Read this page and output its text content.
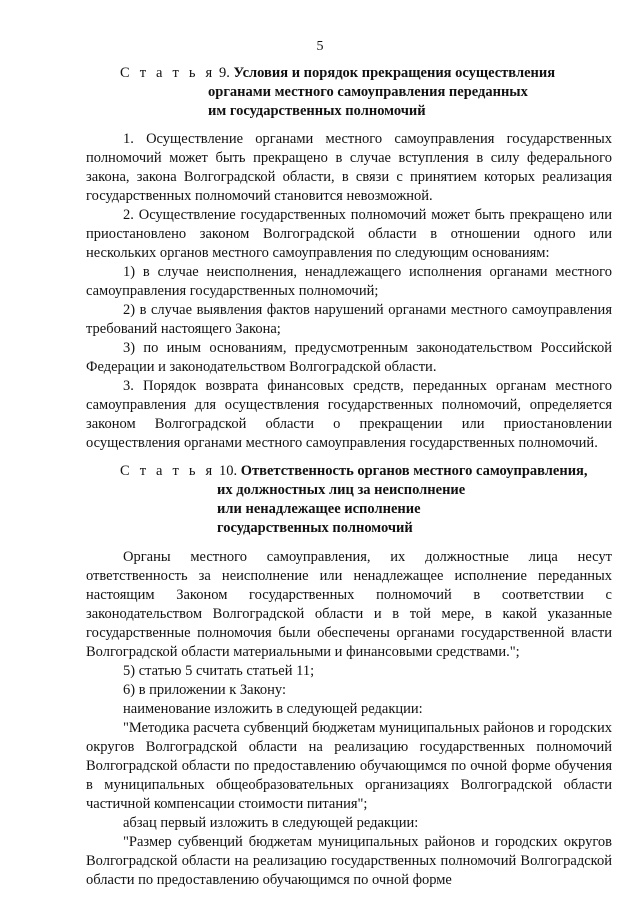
5
С т а т ь я 9. Условия и порядок прекращения осуществления
органами местного самоуправления переданных
им государственных полномочий

1. Осуществление органами местного самоуправления государственных полномочий может быть прекращено в случае вступления в силу федерального закона, закона Волгоградской области, в связи с принятием которых реализация государственных полномочий становится невозможной.

2. Осуществление государственных полномочий может быть прекращено или приостановлено законом Волгоградской области в отношении одного или нескольких органов местного самоуправления по следующим основаниям:

1) в случае неисполнения, ненадлежащего исполнения органами местного самоуправления государственных полномочий;

2) в случае выявления фактов нарушений органами местного самоуправления требований настоящего Закона;

3) по иным основаниям, предусмотренным законодательством Российской Федерации и законодательством Волгоградской области.

3. Порядок возврата финансовых средств, переданных органам местного самоуправления для осуществления государственных полномочий, определяется законом Волгоградской области о прекращении или приостановлении осуществления органами местного самоуправления государственных полномочий.

С т а т ь я 10. Ответственность органов местного самоуправления,
их должностных лиц за неисполнение
или ненадлежащее исполнение
государственных полномочий

Органы местного самоуправления, их должностные лица несут ответственность за неисполнение или ненадлежащее исполнение переданных настоящим Законом государственных полномочий в соответствии с законодательством Волгоградской области и в той мере, в какой указанные государственные полномочия были обеспечены органами государственной власти Волгоградской области материальными и финансовыми средствами.";

5) статью 5 считать статьей 11;

6) в приложении к Закону:

наименование изложить в следующей редакции:

"Методика расчета субвенций бюджетам муниципальных районов и городских округов Волгоградской области на реализацию государственных полномочий Волгоградской области по предоставлению обучающимся по очной форме обучения в муниципальных общеобразовательных организациях Волгоградской области частичной компенсации стоимости питания";

абзац первый изложить в следующей редакции:

"Размер субвенций бюджетам муниципальных районов и городских округов Волгоградской области на реализацию государственных полномочий Волгоградской области по предоставлению обучающимся по очной форме
